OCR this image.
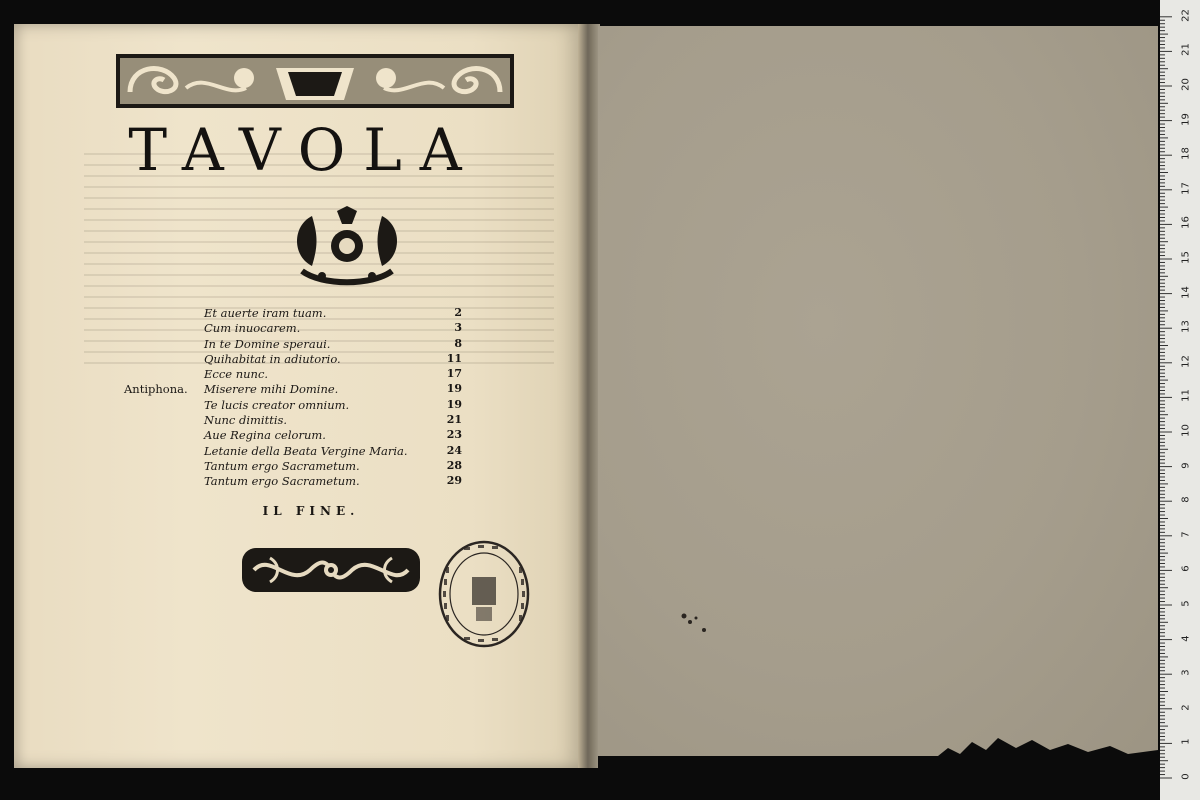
TAVOLA
Et auerte iram tuam.	2
Cum inuocarem.	3
In te Domine speraui.	8
Quihabitat in adiutorio.	11
Ecce nunc.	17
Antiphona. Miserere mihi Domine.	19
Te lucis creator omnium.	19
Nunc dimittis.	21
Aue Regina celorum.	23
Letanie della Beata Vergine Maria.	24
Tantum ergo Sacrametum.	28
Tantum ergo Sacrametum.	29
IL FINE.
0
1
2
3
4
5
6
7
8
9
10
11
12
13
14
15
16
17
18
19
20
21
22
